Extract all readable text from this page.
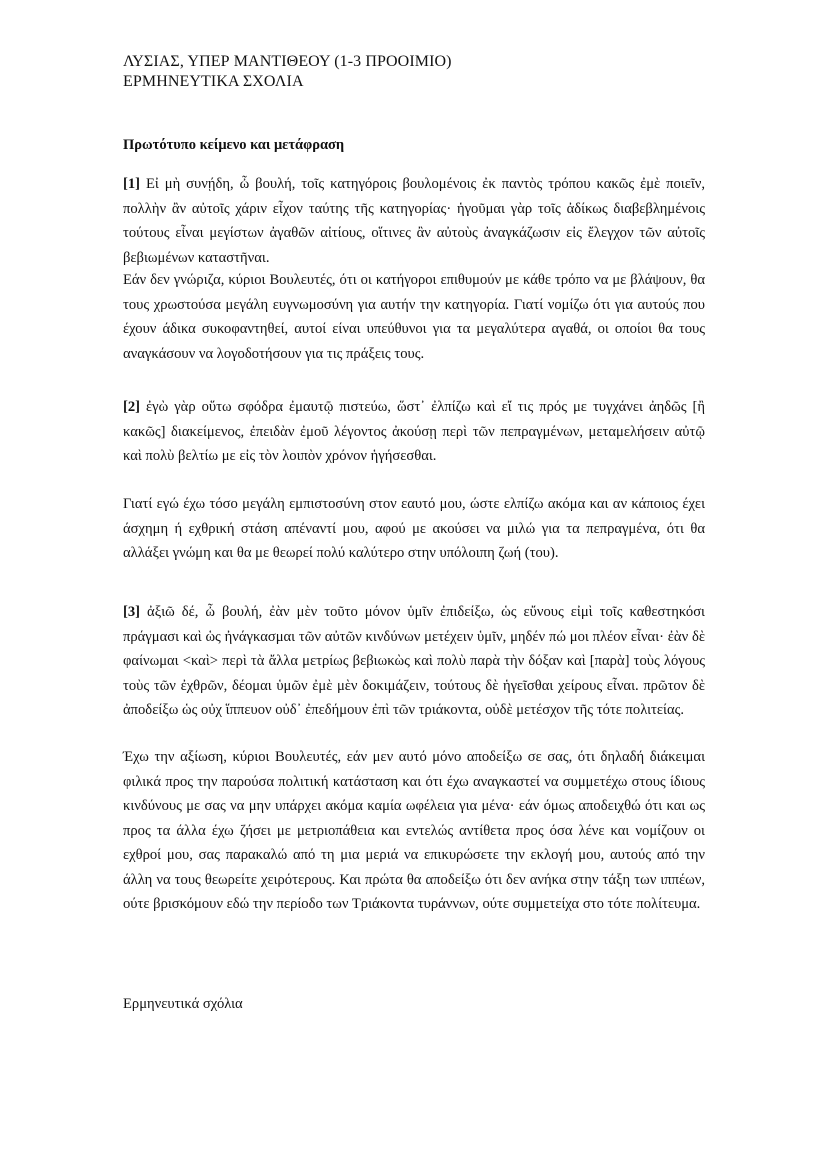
ΛΥΣΙΑΣ, ΥΠΕΡ ΜΑΝΤΙΘΕΟΥ (1-3 ΠΡΟΟΙΜΙΟ)
ΕΡΜΗΝΕΥΤΙΚΑ ΣΧΟΛΙΑ
Πρωτότυπο κείμενο και μετάφραση

[1] Εἰ μὴ συνῄδη, ὦ βουλή, τοῖς κατηγόροις βουλομένοις ἐκ παντὸς τρόπου κακῶς ἐμὲ ποιεῖν, πολλὴν ἂν αὐτοῖς χάριν εἶχον ταύτης τῆς κατηγορίας· ἡγοῦμαι γὰρ τοῖς ἀδίκως διαβεβλημένοις τούτους εἶναι μεγίστων ἀγαθῶν αἰτίους, οἵτινες ἂν αὐτοὺς ἀναγκάζωσιν εἰς ἔλεγχον τῶν αὐτοῖς βεβιωμένων καταστῆναι.

Εάν δεν γνώριζα, κύριοι Βουλευτές, ότι οι κατήγοροι επιθυμούν με κάθε τρόπο να με βλάψουν, θα τους χρωστούσα μεγάλη ευγνωμοσύνη για αυτήν την κατηγορία. Γιατί νομίζω ότι για αυτούς που έχουν άδικα συκοφαντηθεί, αυτοί είναι υπεύθυνοι για τα μεγαλύτερα αγαθά, οι οποίοι θα τους αναγκάσουν να λογοδοτήσουν για τις πράξεις τους.

[2] ἐγὼ γὰρ οὕτω σφόδρα ἐμαυτῷ πιστεύω, ὥστ᾽ ἐλπίζω καὶ εἴ τις πρός με τυγχάνει ἀηδῶς [ἢ κακῶς] διακείμενος, ἐπειδὰν ἐμοῦ λέγοντος ἀκούσῃ περὶ τῶν πεπραγμένων, μεταμελήσειν αὐτῷ καὶ πολὺ βελτίω με εἰς τὸν λοιπὸν χρόνον ἡγήσεσθαι.

Γιατί εγώ έχω τόσο μεγάλη εμπιστοσύνη στον εαυτό μου, ώστε ελπίζω ακόμα και αν κάποιος έχει άσχημη ή εχθρική στάση απέναντί μου, αφού με ακούσει να μιλώ για τα πεπραγμένα, ότι θα αλλάξει γνώμη και θα με θεωρεί πολύ καλύτερο στην υπόλοιπη ζωή (του).

[3] ἀξιῶ δέ, ὦ βουλή, ἐὰν μὲν τοῦτο μόνον ὑμῖν ἐπιδείξω, ὡς εὔνους εἰμὶ τοῖς καθεστηκόσι πράγμασι καὶ ὡς ἠνάγκασμαι τῶν αὐτῶν κινδύνων μετέχειν ὑμῖν, μηδέν πώ μοι πλέον εἶναι· ἐὰν δὲ φαίνωμαι <καὶ> περὶ τὰ ἄλλα μετρίως βεβιωκὼς καὶ πολὺ παρὰ τὴν δόξαν καὶ [παρὰ] τοὺς λόγους τοὺς τῶν ἐχθρῶν, δέομαι ὑμῶν ἐμὲ μὲν δοκιμάζειν, τούτους δὲ ἡγεῖσθαι χείρους εἶναι. πρῶτον δὲ ἀποδείξω ὡς οὐχ ἵππευον οὐδ᾽ ἐπεδήμουν ἐπὶ τῶν τριάκοντα, οὐδὲ μετέσχον τῆς τότε πολιτείας.

Έχω την αξίωση, κύριοι Βουλευτές, εάν μεν αυτό μόνο αποδείξω σε σας, ότι δηλαδή διάκειμαι φιλικά προς την παρούσα πολιτική κατάσταση και ότι έχω αναγκαστεί να συμμετέχω στους ίδιους κινδύνους με σας να μην υπάρχει ακόμα καμία ωφέλεια για μένα· εάν όμως αποδειχθώ ότι και ως προς τα άλλα έχω ζήσει με μετριοπάθεια και εντελώς αντίθετα προς όσα λένε και νομίζουν οι εχθροί μου, σας παρακαλώ από τη μια μεριά να επικυρώσετε την εκλογή μου, αυτούς από την άλλη να τους θεωρείτε χειρότερους. Και πρώτα θα αποδείξω ότι δεν ανήκα στην τάξη των ιππέων, ούτε βρισκόμουν εδώ την περίοδο των Τριάκοντα τυράννων, ούτε συμμετείχα στο τότε πολίτευμα.

Ερμηνευτικά σχόλια
